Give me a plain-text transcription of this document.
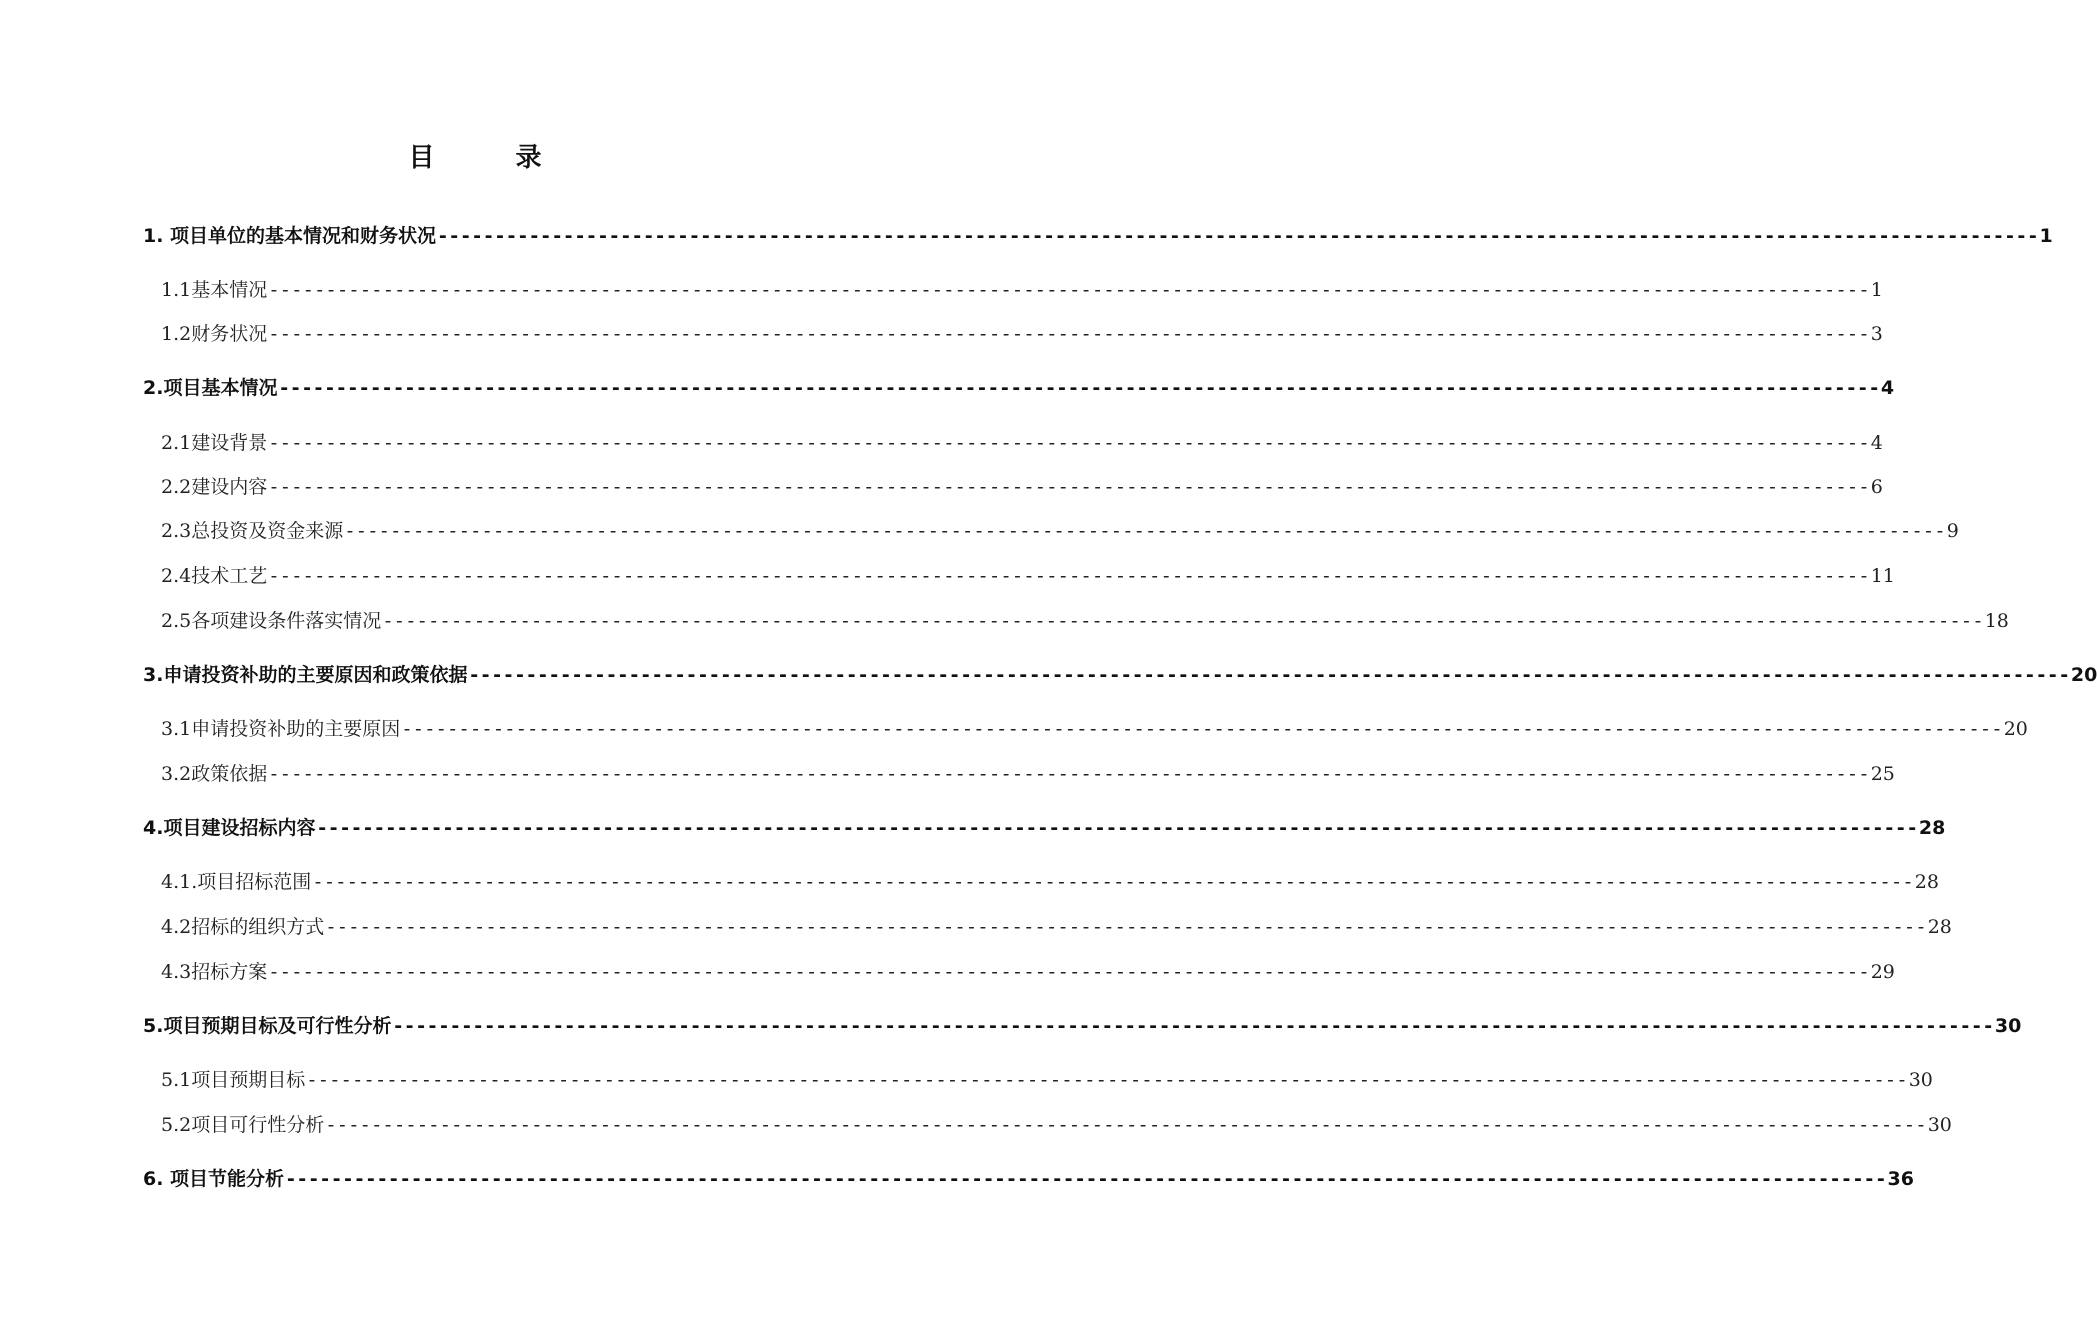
目 录
1. 项目单位的基本情况和财务状况 -------------------------------------------------------------------------------------------------------------------------------------------- 1
1.1基本情况 -------------------------------------------------------------------------------------------------------------------------------------------- 1
1.2财务状况 -------------------------------------------------------------------------------------------------------------------------------------------- 3
2.项目基本情况 -------------------------------------------------------------------------------------------------------------------------------------------- 4
2.1建设背景 -------------------------------------------------------------------------------------------------------------------------------------------- 4
2.2建设内容 -------------------------------------------------------------------------------------------------------------------------------------------- 6
2.3总投资及资金来源 -------------------------------------------------------------------------------------------------------------------------------------------- 9
2.4技术工艺 -------------------------------------------------------------------------------------------------------------------------------------------- 11
2.5各项建设条件落实情况 -------------------------------------------------------------------------------------------------------------------------------------------- 18
3.申请投资补助的主要原因和政策依据 -------------------------------------------------------------------------------------------------------------------------------------------- 20
3.1申请投资补助的主要原因 -------------------------------------------------------------------------------------------------------------------------------------------- 20
3.2政策依据 -------------------------------------------------------------------------------------------------------------------------------------------- 25
4.项目建设招标内容 -------------------------------------------------------------------------------------------------------------------------------------------- 28
4.1.项目招标范围 -------------------------------------------------------------------------------------------------------------------------------------------- 28
4.2招标的组织方式 -------------------------------------------------------------------------------------------------------------------------------------------- 28
4.3招标方案 -------------------------------------------------------------------------------------------------------------------------------------------- 29
5.项目预期目标及可行性分析 -------------------------------------------------------------------------------------------------------------------------------------------- 30
5.1项目预期目标 -------------------------------------------------------------------------------------------------------------------------------------------- 30
5.2项目可行性分析 -------------------------------------------------------------------------------------------------------------------------------------------- 30
6. 项目节能分析 -------------------------------------------------------------------------------------------------------------------------------------------- 36
